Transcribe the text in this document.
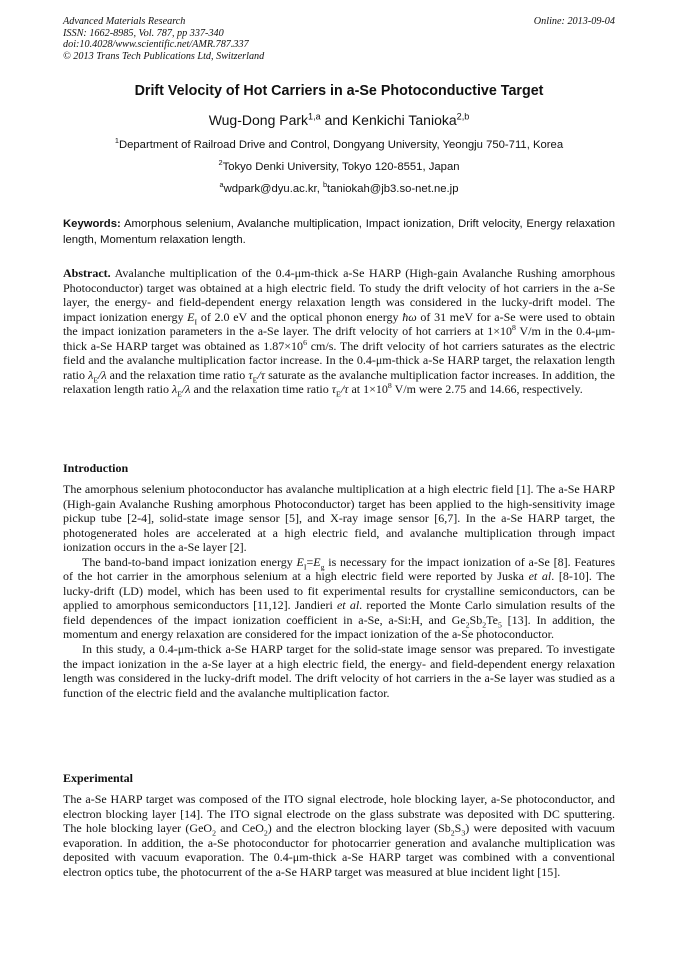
Advanced Materials Research
ISSN: 1662-8985, Vol. 787, pp 337-340
doi:10.4028/www.scientific.net/AMR.787.337
© 2013 Trans Tech Publications Ltd, Switzerland
Online: 2013-09-04
Drift Velocity of Hot Carriers in a-Se Photoconductive Target
Wug-Dong Park$^{1,a}$ and Kenkichi Tanioka$^{2,b}$
$^1$Department of Railroad Drive and Control, Dongyang University, Yeongju 750-711, Korea
$^2$Tokyo Denki University, Tokyo 120-8551, Japan
$^a$wdpark@dyu.ac.kr, $^b$taniokah@jb3.so-net.ne.jp
Keywords: Amorphous selenium, Avalanche multiplication, Impact ionization, Drift velocity, Energy relaxation length, Momentum relaxation length.

Abstract. Avalanche multiplication of the 0.4-μm-thick a-Se HARP (High-gain Avalanche Rushing amorphous Photoconductor) target was obtained at a high electric field. To study the drift velocity of hot carriers in the a-Se layer, the energy- and field-dependent energy relaxation length was considered in the lucky-drift model. The impact ionization energy $E_I$ of 2.0 eV and the optical phonon energy ħω of 31 meV for a-Se were used to obtain the impact ionization parameters in the a-Se layer. The drift velocity of hot carriers at $1\times 10^8$ V/m in the 0.4-μm-thick a-Se HARP target was obtained as $1.87\times 10^6$ cm/s. The drift velocity of hot carriers saturates as the electric field and the avalanche multiplication factor increase. In the 0.4-μm-thick a-Se HARP target, the relaxation length ratio $\lambda_E/\lambda$ and the relaxation time ratio $\tau_E/\tau$ saturate as the avalanche multiplication factor increases. In addition, the relaxation length ratio $\lambda_E/\lambda$ and the relaxation time ratio $\tau_E/\tau$ at $1\times 10^8$ V/m were 2.75 and 14.66, respectively.

Introduction

The amorphous selenium photoconductor has avalanche multiplication at a high electric field [1]. The a-Se HARP (High-gain Avalanche Rushing amorphous Photoconductor) target has been applied to the high-sensitivity image pickup tube [2-4], solid-state image sensor [5], and X-ray image sensor [6,7]. In the a-Se HARP target, the photogenerated holes are accelerated at a high electric field, and avalanche multiplication through impact ionization occurs in the a-Se layer [2].

The band-to-band impact ionization energy $E_I=E_g$ is necessary for the impact ionization of a-Se [8]. Features of the hot carrier in the amorphous selenium at a high electric field were reported by Juska et al. [8-10]. The lucky-drift (LD) model, which has been used to fit experimental results for crystalline semiconductors, can be applied to amorphous semiconductors [11,12]. Jandieri et al. reported the Monte Carlo simulation results of the field dependences of the impact ionization coefficient in a-Se, a-Si:H, and $Ge_2Sb_2Te_5$ [13]. In addition, the momentum and energy relaxation are considered for the impact ionization of the a-Se photoconductor.

In this study, a 0.4-μm-thick a-Se HARP target for the solid-state image sensor was prepared. To investigate the impact ionization in the a-Se layer at a high electric field, the energy- and field-dependent energy relaxation length was considered in the lucky-drift model. The drift velocity of hot carriers in the a-Se layer was studied as a function of the electric field and the avalanche multiplication factor.

Experimental

The a-Se HARP target was composed of the ITO signal electrode, hole blocking layer, a-Se photoconductor, and electron blocking layer [14]. The ITO signal electrode on the glass substrate was deposited with DC sputtering. The hole blocking layer (GeO$_2$ and CeO$_2$) and the electron blocking layer $(Sb_2S_3)$ were deposited with vacuum evaporation. In addition, the a-Se photoconductor for photocarrier generation and avalanche multiplication was deposited with vacuum evaporation. The 0.4-μm-thick a-Se HARP target was combined with a conventional electron optics tube, the photocurrent of the a-Se HARP target was measured at blue incident light [15].
